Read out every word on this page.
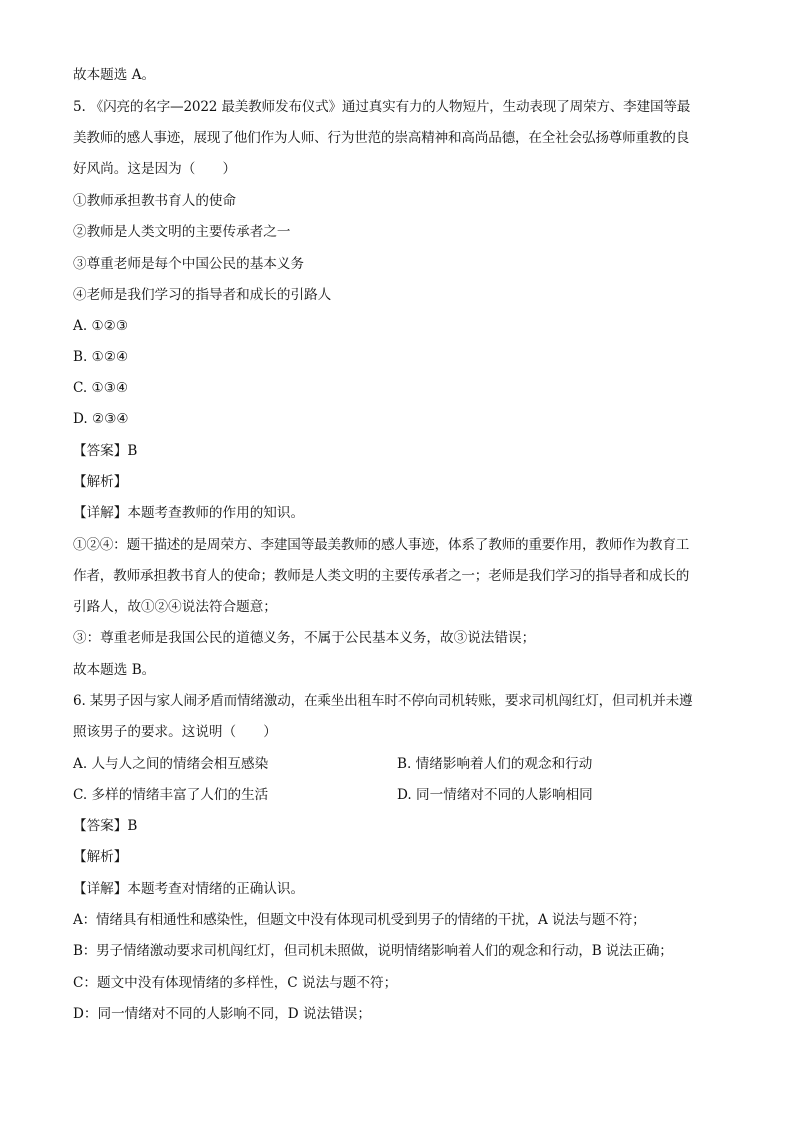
故本题选 A。
5. 《闪亮的名字—2022 最美教师发布仪式》通过真实有力的人物短片，生动表现了周荣方、李建国等最
美教师的感人事迹，展现了他们作为人师、行为世范的崇高精神和高尚品德，在全社会弘扬尊师重教的良
好风尚。这是因为（　　）
①教师承担教书育人的使命
②教师是人类文明的主要传承者之一
③尊重老师是每个中国公民的基本义务
④老师是我们学习的指导者和成长的引路人
A. ①②③
B. ①②④
C. ①③④
D. ②③④
【答案】B
【解析】
【详解】本题考查教师的作用的知识。
①②④：题干描述的是周荣方、李建国等最美教师的感人事迹，体系了教师的重要作用，教师作为教育工
作者，教师承担教书育人的使命；教师是人类文明的主要传承者之一；老师是我们学习的指导者和成长的
引路人，故①②④说法符合题意；
③：尊重老师是我国公民的道德义务，不属于公民基本义务，故③说法错误；
故本题选 B。
6. 某男子因与家人闹矛盾而情绪激动，在乘坐出租车时不停向司机转账，要求司机闯红灯，但司机并未遵
照该男子的要求。这说明（　　）
A. 人与人之间的情绪会相互感染	B. 情绪影响着人们的观念和行动
C. 多样的情绪丰富了人们的生活	D. 同一情绪对不同的人影响相同
【答案】B
【解析】
【详解】本题考查对情绪的正确认识。
A：情绪具有相通性和感染性，但题文中没有体现司机受到男子的情绪的干扰，A 说法与题不符；
B：男子情绪激动要求司机闯红灯，但司机未照做，说明情绪影响着人们的观念和行动，B 说法正确；
C：题文中没有体现情绪的多样性，C 说法与题不符；
D：同一情绪对不同的人影响不同，D 说法错误；
